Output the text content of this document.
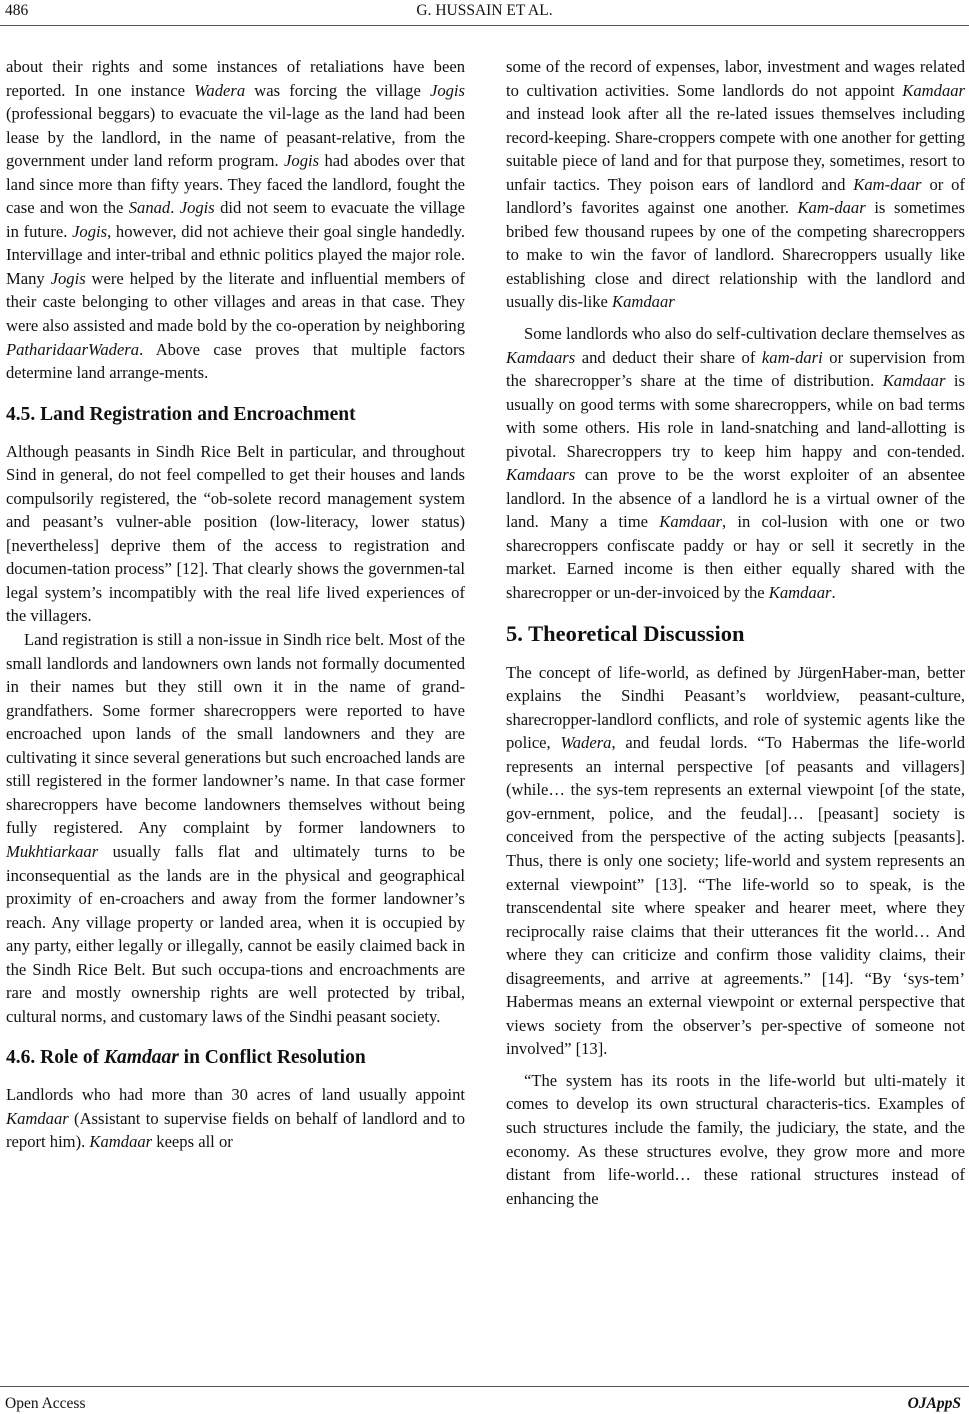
486	G. HUSSAIN ET AL.

about their rights and some instances of retaliations have been reported. In one instance Wadera was forcing the village Jogis (professional beggars) to evacuate the vil-lage as the land had been lease by the landlord, in the name of peasant-relative, from the government under land reform program. Jogis had abodes over that land since more than fifty years. They faced the landlord, fought the case and won the Sanad. Jogis did not seem to evacuate the village in future. Jogis, however, did not achieve their goal single handedly. Intervillage and inter-tribal and ethnic politics played the major role. Many Jogis were helped by the literate and influential members of their caste belonging to other villages and areas in that case. They were also assisted and made bold by the co-operation by neighboring PatharidaarWadera. Above case proves that multiple factors determine land arrange-ments.

4.5. Land Registration and Encroachment

Although peasants in Sindh Rice Belt in particular, and throughout Sind in general, do not feel compelled to get their houses and lands compulsorily registered, the “ob-solete record management system and peasant’s vulner-able position (low-literacy, lower status) [nevertheless] deprive them of the access to registration and documen-tation process” [12]. That clearly shows the governmen-tal legal system’s incompatibly with the real life lived experiences of the villagers.

Land registration is still a non-issue in Sindh rice belt. Most of the small landlords and landowners own lands not formally documented in their names but they still own it in the name of grand-grandfathers. Some former sharecroppers were reported to have encroached upon lands of the small landowners and they are cultivating it since several generations but such encroached lands are still registered in the former landowner’s name. In that case former sharecroppers have become landowners themselves without being fully registered. Any complaint by former landowners to Mukhtiarkaar usually falls flat and ultimately turns to be inconsequential as the lands are in the physical and geographical proximity of en-croachers and away from the former landowner’s reach. Any village property or landed area, when it is occupied by any party, either legally or illegally, cannot be easily claimed back in the Sindh Rice Belt. But such occupa-tions and encroachments are rare and mostly ownership rights are well protected by tribal, cultural norms, and customary laws of the Sindhi peasant society.

4.6. Role of Kamdaar in Conflict Resolution

Landlords who had more than 30 acres of land usually appoint Kamdaar (Assistant to supervise fields on behalf of landlord and to report him). Kamdaar keeps all or

some of the record of expenses, labor, investment and wages related to cultivation activities. Some landlords do not appoint Kamdaar and instead look after all the re-lated issues themselves including record-keeping. Share-croppers compete with one another for getting suitable piece of land and for that purpose they, sometimes, resort to unfair tactics. They poison ears of landlord and Kam-daar or of landlord’s favorites against one another. Kam-daar is sometimes bribed few thousand rupees by one of the competing sharecroppers to make to win the favor of landlord. Sharecroppers usually like establishing close and direct relationship with the landlord and usually dis-like Kamdaar

Some landlords who also do self-cultivation declare themselves as Kamdaars and deduct their share of kam-dari or supervision from the sharecropper’s share at the time of distribution. Kamdaar is usually on good terms with some sharecroppers, while on bad terms with some others. His role in land-snatching and land-allotting is pivotal. Sharecroppers try to keep him happy and con-tended. Kamdaars can prove to be the worst exploiter of an absentee landlord. In the absence of a landlord he is a virtual owner of the land. Many a time Kamdaar, in col-lusion with one or two sharecroppers confiscate paddy or hay or sell it secretly in the market. Earned income is then either equally shared with the sharecropper or un-der-invoiced by the Kamdaar.

5. Theoretical Discussion

The concept of life-world, as defined by JürgenHaber-man, better explains the Sindhi Peasant’s worldview, peasant-culture, sharecropper-landlord conflicts, and role of systemic agents like the police, Wadera, and feudal lords. “To Habermas the life-world represents an internal perspective [of peasants and villagers] (while… the sys-tem represents an external viewpoint [of the state, gov-ernment, police, and the feudal]… [peasant] society is conceived from the perspective of the acting subjects [peasants]. Thus, there is only one society; life-world and system represents an external viewpoint” [13]. “The life-world so to speak, is the transcendental site where speaker and hearer meet, where they reciprocally raise claims that their utterances fit the world… And where they can criticize and confirm those validity claims, their disagreements, and arrive at agreements.” [14]. “By ‘sys-tem’ Habermas means an external viewpoint or external perspective that views society from the observer’s per-spective of someone not involved” [13].

“The system has its roots in the life-world but ulti-mately it comes to develop its own structural characteris-tics. Examples of such structures include the family, the judiciary, the state, and the economy. As these structures evolve, they grow more and more distant from life-world… these rational structures instead of enhancing the

Open Access	OJAppS
